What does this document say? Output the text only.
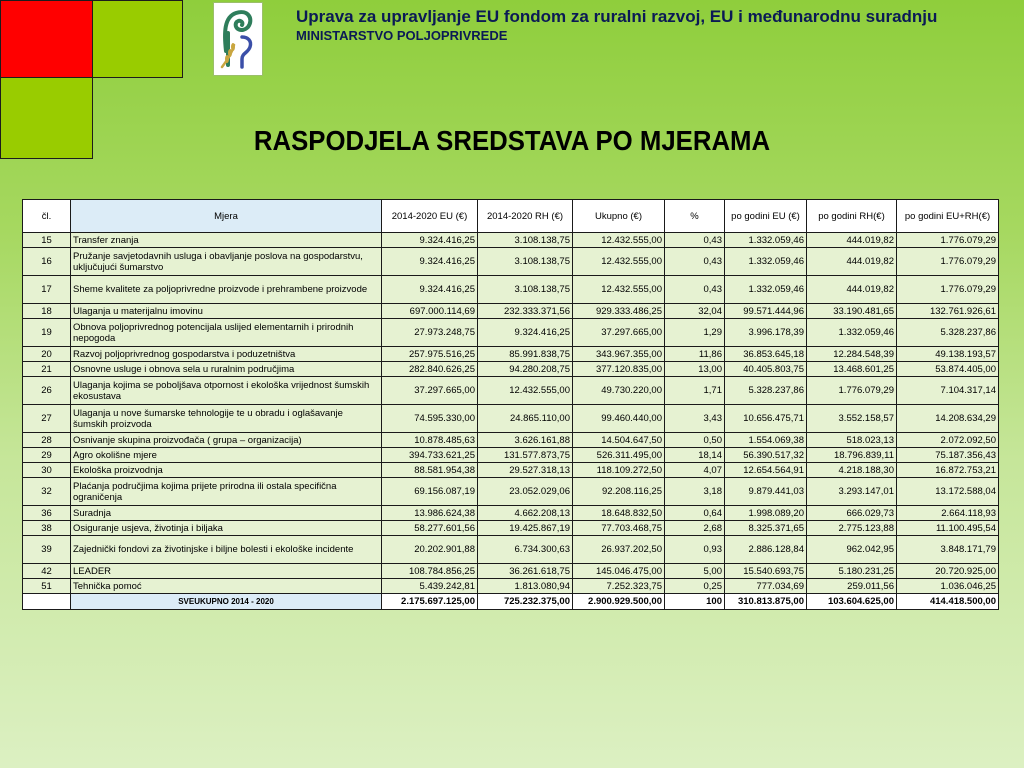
Uprava za upravljanje EU fondom za ruralni razvoj, EU i međunarodnu suradnju
MINISTARSTVO POLJOPRIVREDE
RASPODJELA SREDSTAVA PO MJERAMA
čl.	Mjera	2014-2020 EU (€)	2014-2020 RH (€)	Ukupno (€)	%	po godini EU (€)	po godini RH(€)	po godini EU+RH(€)
15	Transfer znanja	9.324.416,25	3.108.138,75	12.432.555,00	0,43	1.332.059,46	444.019,82	1.776.079,29
16	Pružanje savjetodavnih usluga i obavljanje poslova na gospodarstvu, uključujući šumarstvo	9.324.416,25	3.108.138,75	12.432.555,00	0,43	1.332.059,46	444.019,82	1.776.079,29
17	Sheme kvalitete za poljoprivredne proizvode i prehrambene proizvode	9.324.416,25	3.108.138,75	12.432.555,00	0,43	1.332.059,46	444.019,82	1.776.079,29
18	Ulaganja u materijalnu imovinu	697.000.114,69	232.333.371,56	929.333.486,25	32,04	99.571.444,96	33.190.481,65	132.761.926,61
19	Obnova poljoprivrednog potencijala uslijed elementarnih i prirodnih nepogoda	27.973.248,75	9.324.416,25	37.297.665,00	1,29	3.996.178,39	1.332.059,46	5.328.237,86
20	Razvoj poljoprivrednog gospodarstva i poduzetništva	257.975.516,25	85.991.838,75	343.967.355,00	11,86	36.853.645,18	12.284.548,39	49.138.193,57
21	Osnovne usluge i obnova sela u ruralnim područjima	282.840.626,25	94.280.208,75	377.120.835,00	13,00	40.405.803,75	13.468.601,25	53.874.405,00
26	Ulaganja kojima se poboljšava otpornost i ekološka vrijednost šumskih ekosustava	37.297.665,00	12.432.555,00	49.730.220,00	1,71	5.328.237,86	1.776.079,29	7.104.317,14
27	Ulaganja u nove šumarske tehnologije te u obradu i oglašavanje šumskih proizvoda	74.595.330,00	24.865.110,00	99.460.440,00	3,43	10.656.475,71	3.552.158,57	14.208.634,29
28	Osnivanje skupina proizvođača ( grupa – organizacija)	10.878.485,63	3.626.161,88	14.504.647,50	0,50	1.554.069,38	518.023,13	2.072.092,50
29	Agro okolišne mjere	394.733.621,25	131.577.873,75	526.311.495,00	18,14	56.390.517,32	18.796.839,11	75.187.356,43
30	Ekološka proizvodnja	88.581.954,38	29.527.318,13	118.109.272,50	4,07	12.654.564,91	4.218.188,30	16.872.753,21
32	Plaćanja područjima kojima prijete prirodna ili ostala specifična ograničenja	69.156.087,19	23.052.029,06	92.208.116,25	3,18	9.879.441,03	3.293.147,01	13.172.588,04
36	Suradnja	13.986.624,38	4.662.208,13	18.648.832,50	0,64	1.998.089,20	666.029,73	2.664.118,93
38	Osiguranje usjeva, životinja i biljaka	58.277.601,56	19.425.867,19	77.703.468,75	2,68	8.325.371,65	2.775.123,88	11.100.495,54
39	Zajednički fondovi za životinjske i biljne bolesti i ekološke incidente	20.202.901,88	6.734.300,63	26.937.202,50	0,93	2.886.128,84	962.042,95	3.848.171,79
42	LEADER	108.784.856,25	36.261.618,75	145.046.475,00	5,00	15.540.693,75	5.180.231,25	20.720.925,00
51	Tehnička pomoć	5.439.242,81	1.813.080,94	7.252.323,75	0,25	777.034,69	259.011,56	1.036.046,25
	SVEUKUPNO 2014 - 2020	2.175.697.125,00	725.232.375,00	2.900.929.500,00	100	310.813.875,00	103.604.625,00	414.418.500,00
